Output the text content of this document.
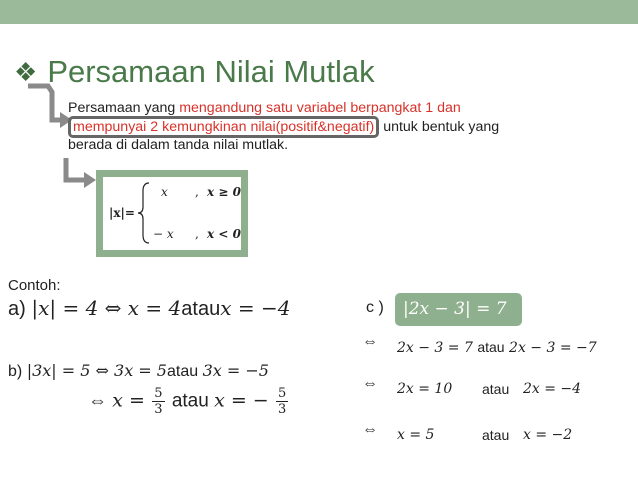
❖ Persamaan Nilai Mutlak
Persamaan yang mengandung satu variabel berpangkat 1 dan
mempunyai 2 kemungkinan nilai(positif&negatif) untuk bentuk yang
berada di dalam tanda nilai mutlak.
|x|=
x , x ≥ 0
− x , x < 0
Contoh:
a) |x| = 4 ⇔ x = 4ataux = −4
b) |3x| = 5 ⇔ 3x = 5atau 3x = −5
⇔ $x = \frac{5}{3}$ atau x = − $\frac{5}{3}$
c ) |2x − 3| = 7
⇔ 2x − 3 = 7 atau 2x − 3 = −7
⇔ 2x = 10 atau 2x = −4
⇔ x = 5	atau x = −2
